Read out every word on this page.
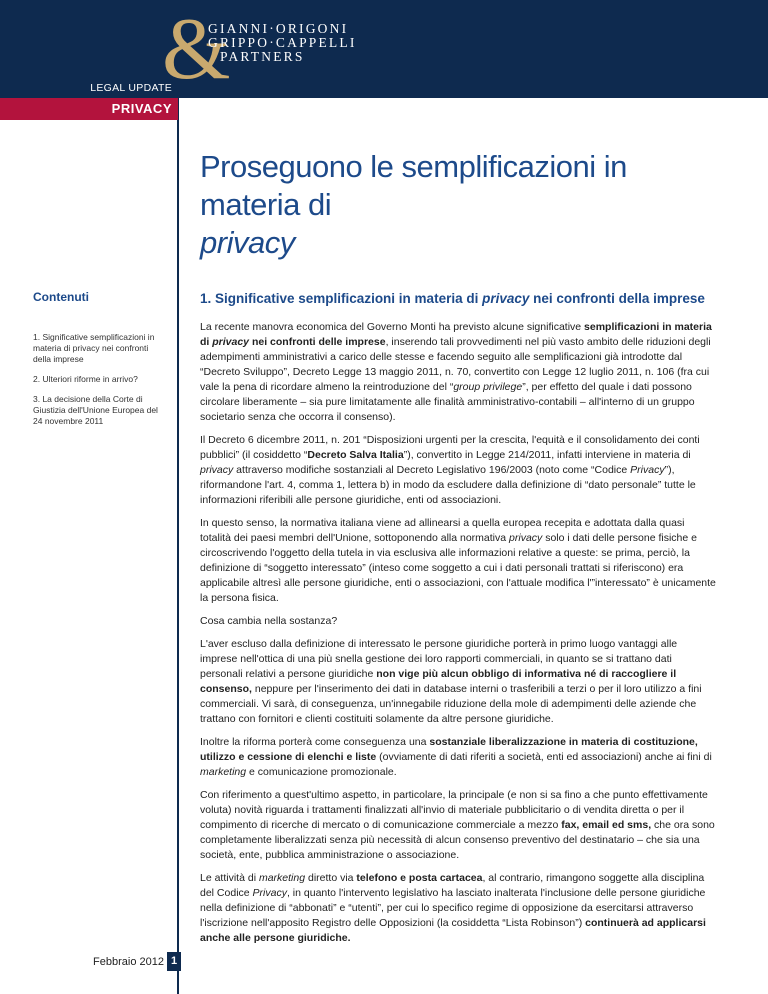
&
GIANNI·ORIGONI
GRIPPO·CAPPELLI
PARTNERS
LEGAL UPDATE
PRIVACY
Proseguono le semplificazioni in materia di
privacy
Contenuti
1. Significative semplificazioni in materia di privacy nei confronti della imprese
2. Ulteriori riforme in arrivo?
3. La decisione della Corte di Giustizia dell'Unione Europea del 24 novembre 2011
1. Significative semplificazioni in materia di privacy nei confronti della imprese

La recente manovra economica del Governo Monti ha previsto alcune significative semplificazioni in materia di privacy nei confronti delle imprese, inserendo tali provvedimenti nel più vasto ambito delle riduzioni degli adempimenti amministrativi a carico delle stesse e facendo seguito alle semplificazioni già introdotte dal “Decreto Sviluppo”, Decreto Legge 13 maggio 2011, n. 70, convertito con Legge 12 luglio 2011, n. 106 (fra cui vale la pena di ricordare almeno la reintroduzione del “group privilege”, per effetto del quale i dati possono circolare liberamente – sia pure limitatamente alle finalità amministrativo-contabili – all'interno di un gruppo societario senza che occorra il consenso).

Il Decreto 6 dicembre 2011, n. 201 “Disposizioni urgenti per la crescita, l'equità e il consolidamento dei conti pubblici” (il cosiddetto “Decreto Salva Italia”), convertito in Legge 214/2011, infatti interviene in materia di privacy attraverso modifiche sostanziali al Decreto Legislativo 196/2003 (noto come “Codice Privacy”), riformandone l'art. 4, comma 1, lettera b) in modo da escludere dalla definizione di “dato personale” tutte le informazioni riferibili alle persone giuridiche, enti od associazioni.

In questo senso, la normativa italiana viene ad allinearsi a quella europea recepita e adottata dalla quasi totalità dei paesi membri dell'Unione, sottoponendo alla normativa privacy solo i dati delle persone fisiche e circoscrivendo l'oggetto della tutela in via esclusiva alle informazioni relative a queste: se prima, perciò, la definizione di “soggetto interessato” (inteso come soggetto a cui i dati personali trattati si riferiscono) era applicabile altresì alle persone giuridiche, enti o associazioni, con l'attuale modifica l'”interessato” è unicamente la persona fisica.

Cosa cambia nella sostanza?

L'aver escluso dalla definizione di interessato le persone giuridiche porterà in primo luogo vantaggi alle imprese nell'ottica di una più snella gestione dei loro rapporti commerciali, in quanto se si trattano dati personali relativi a persone giuridiche non vige più alcun obbligo di informativa né di raccogliere il consenso, neppure per l'inserimento dei dati in database interni o trasferibili a terzi o per il loro utilizzo a fini commerciali. Vi sarà, di conseguenza, un'innegabile riduzione della mole di adempimenti delle aziende che trattano con fornitori e clienti costituiti solamente da altre persone giuridiche.

Inoltre la riforma porterà come conseguenza una sostanziale liberalizzazione in materia di costituzione, utilizzo e cessione di elenchi e liste (ovviamente di dati riferiti a società, enti ed associazioni) anche ai fini di marketing e comunicazione promozionale.

Con riferimento a quest'ultimo aspetto, in particolare, la principale (e non si sa fino a che punto effettivamente voluta) novità riguarda i trattamenti finalizzati all'invio di materiale pubblicitario o di vendita diretta o per il compimento di ricerche di mercato o di comunicazione commerciale a mezzo fax, email ed sms, che ora sono completamente liberalizzati senza più necessità di alcun consenso preventivo del destinatario – che sia una società, ente, pubblica amministrazione o associazione.

Le attività di marketing diretto via telefono e posta cartacea, al contrario, rimangono soggette alla disciplina del Codice Privacy, in quanto l'intervento legislativo ha lasciato inalterata l'inclusione delle persone giuridiche nella definizione di “abbonati” e “utenti”, per cui lo specifico regime di opposizione da esercitarsi attraverso l'iscrizione nell'apposito Registro delle Opposizioni (la cosiddetta “Lista Robinson”) continuerà ad applicarsi anche alle persone giuridiche.

Febbraio 2012 1
